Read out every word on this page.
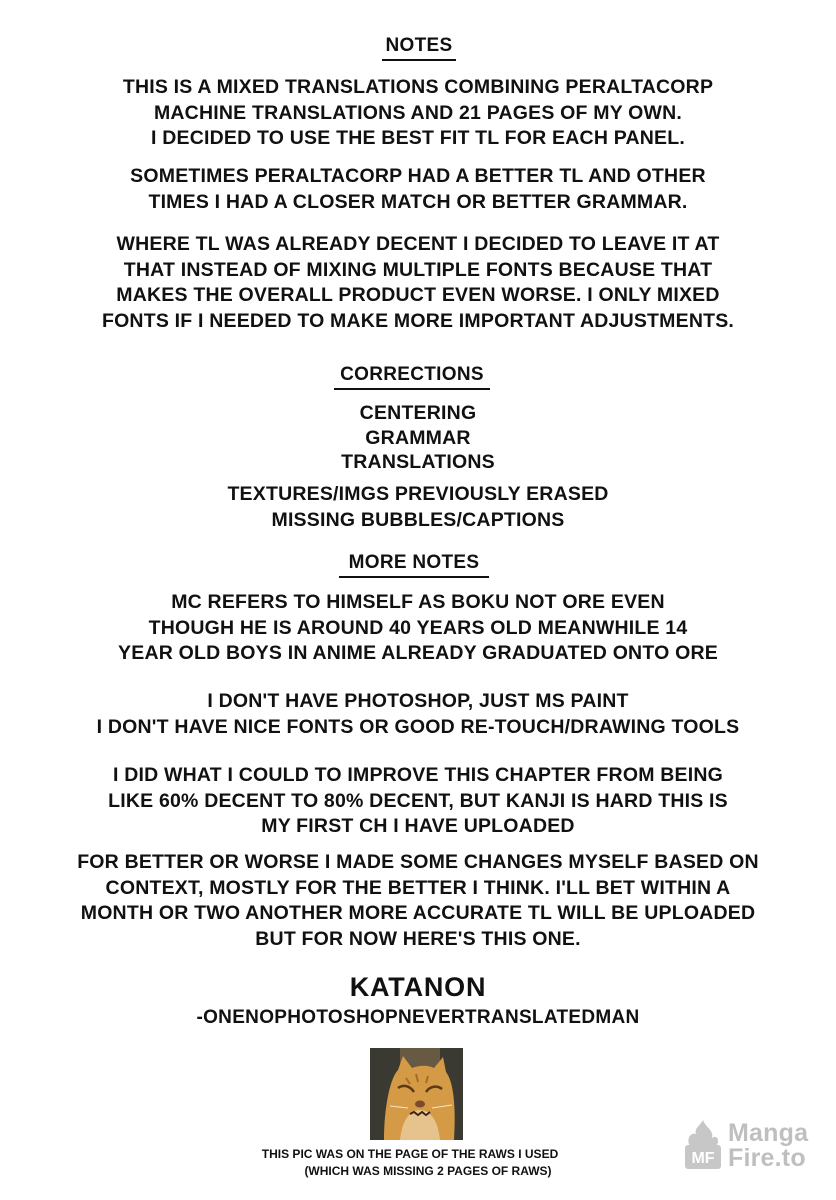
NOTES
THIS IS A MIXED TRANSLATIONS COMBINING PERALTACORP
MACHINE TRANSLATIONS AND 21 PAGES OF MY OWN.
I DECIDED TO USE THE BEST FIT TL FOR EACH PANEL.
SOMETIMES PERALTACORP HAD A BETTER TL AND OTHER
TIMES I HAD A CLOSER MATCH OR BETTER GRAMMAR.
WHERE TL WAS ALREADY DECENT I DECIDED TO LEAVE IT AT
THAT INSTEAD OF MIXING MULTIPLE FONTS BECAUSE THAT
MAKES THE OVERALL PRODUCT EVEN WORSE. I ONLY MIXED
FONTS IF I NEEDED TO MAKE MORE IMPORTANT ADJUSTMENTS.
CORRECTIONS
CENTERING
GRAMMAR
TRANSLATIONS
TEXTURES/IMGS PREVIOUSLY ERASED
MISSING BUBBLES/CAPTIONS
MORE NOTES
MC REFERS TO HIMSELF AS BOKU NOT ORE EVEN
THOUGH HE IS AROUND 40 YEARS OLD MEANWHILE 14
YEAR OLD BOYS IN ANIME ALREADY GRADUATED ONTO ORE
I DON'T HAVE PHOTOSHOP, JUST MS PAINT
I DON'T HAVE NICE FONTS OR GOOD RE-TOUCH/DRAWING TOOLS
I DID WHAT I COULD TO IMPROVE THIS CHAPTER FROM BEING
LIKE 60% DECENT TO 80% DECENT, BUT KANJI IS HARD THIS IS
MY FIRST CH I HAVE UPLOADED
FOR BETTER OR WORSE I MADE SOME CHANGES MYSELF BASED ON
CONTEXT, MOSTLY FOR THE BETTER I THINK. I'LL BET WITHIN A
MONTH OR TWO ANOTHER MORE ACCURATE TL WILL BE UPLOADED
BUT FOR NOW HERE'S THIS ONE.
KATANON
-ONENOPHOTOSHOPNEVERTRANSLATEDMAN
THIS PIC WAS ON THE PAGE OF THE RAWS I USED
(WHICH WAS MISSING 2 PAGES OF RAWS)
MF
Manga
Fire.to
